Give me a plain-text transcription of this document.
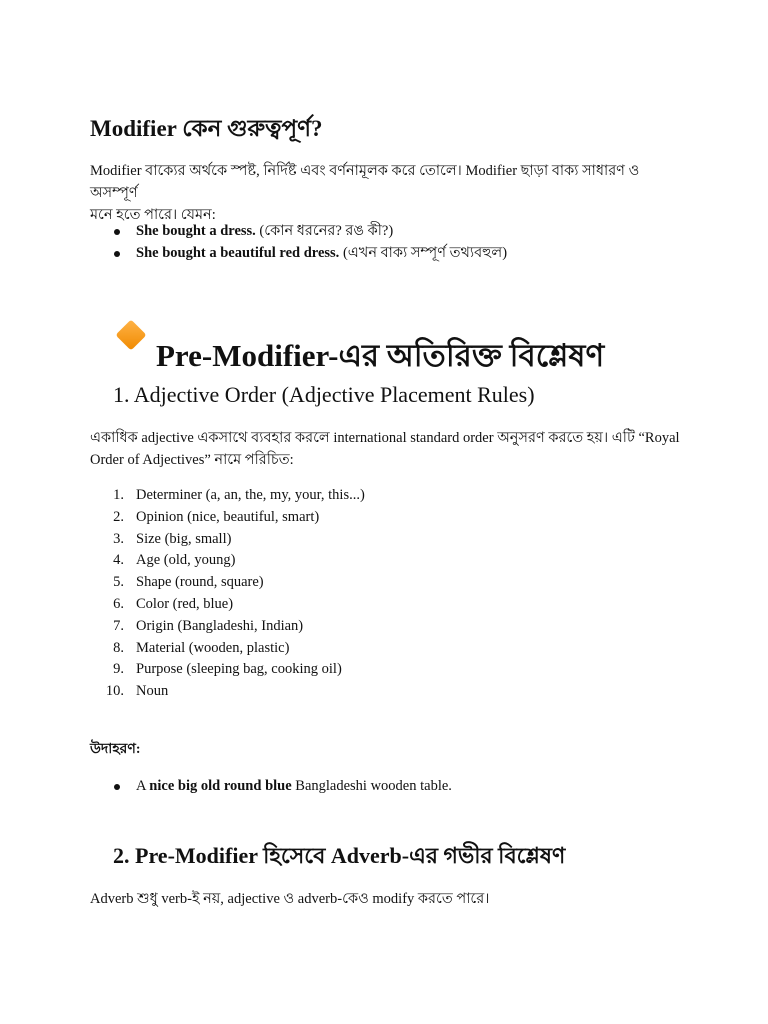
Modifier কেন গুরুত্বপূর্ণ?

Modifier বাক্যের অর্থকে স্পষ্ট, নির্দিষ্ট এবং বর্ণনামূলক করে তোলে। Modifier ছাড়া বাক্য সাধারণ ও অসম্পূর্ণ
মনে হতে পারে। যেমন:

She bought a dress. (কোন ধরনের? রঙ কী?)
She bought a beautiful red dress. (এখন বাক্য সম্পূর্ণ তথ্যবহুল)
Pre-Modifier-এর অতিরিক্ত বিশ্লেষণ
1. Adjective Order (Adjective Placement Rules)

একাধিক adjective একসাথে ব্যবহার করলে international standard order অনুসরণ করতে হয়। এটি “Royal
Order of Adjectives” নামে পরিচিত:

1. Determiner (a, an, the, my, your, this...)
2. Opinion (nice, beautiful, smart)
3. Size (big, small)
4. Age (old, young)
5. Shape (round, square)
6. Color (red, blue)
7. Origin (Bangladeshi, Indian)
8. Material (wooden, plastic)
9. Purpose (sleeping bag, cooking oil)
10. Noun

উদাহরণ:

A nice big old round blue Bangladeshi wooden table.
2. Pre-Modifier হিসেবে Adverb-এর গভীর বিশ্লেষণ

Adverb শুধু verb-ই নয়, adjective ও adverb-কেও modify করতে পারে।
